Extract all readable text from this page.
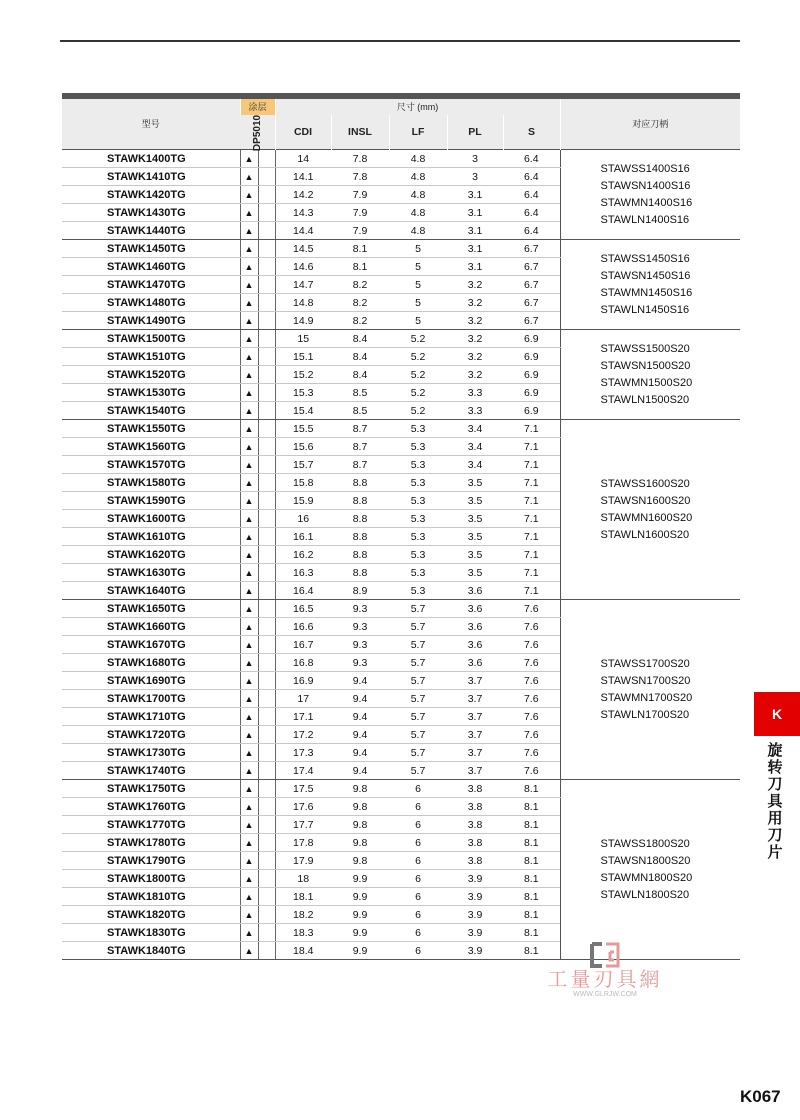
型号	涂层		尺寸 (mm)					对应刀柄
	DP5010		CDI	INSL	LF	PL	S	
STAWK1400TG	▲		14	7.8	4.8	3	6.4	STAWSS1400S16
STAWSN1400S16
STAWMN1400S16
STAWLN1400S16

STAWK1410TG	▲		14.1	7.8	4.8	3	6.4	
STAWK1420TG	▲		14.2	7.9	4.8	3.1	6.4	
STAWK1430TG	▲		14.3	7.9	4.8	3.1	6.4	
STAWK1440TG	▲		14.4	7.9	4.8	3.1	6.4	
STAWK1450TG	▲		14.5	8.1	5	3.1	6.7	STAWSS1450S16
STAWSN1450S16
STAWMN1450S16
STAWLN1450S16

STAWK1460TG	▲		14.6	8.1	5	3.1	6.7	
STAWK1470TG	▲		14.7	8.2	5	3.2	6.7	
STAWK1480TG	▲		14.8	8.2	5	3.2	6.7	
STAWK1490TG	▲		14.9	8.2	5	3.2	6.7	
STAWK1500TG	▲		15	8.4	5.2	3.2	6.9	STAWSS1500S20
STAWSN1500S20
STAWMN1500S20
STAWLN1500S20

STAWK1510TG	▲		15.1	8.4	5.2	3.2	6.9	
STAWK1520TG	▲		15.2	8.4	5.2	3.2	6.9	
STAWK1530TG	▲		15.3	8.5	5.2	3.3	6.9	
STAWK1540TG	▲		15.4	8.5	5.2	3.3	6.9	
STAWK1550TG	▲		15.5	8.7	5.3	3.4	7.1	STAWSS1600S20
STAWSN1600S20
STAWMN1600S20
STAWLN1600S20

STAWK1560TG	▲		15.6	8.7	5.3	3.4	7.1	
STAWK1570TG	▲		15.7	8.7	5.3	3.4	7.1	
STAWK1580TG	▲		15.8	8.8	5.3	3.5	7.1	
STAWK1590TG	▲		15.9	8.8	5.3	3.5	7.1	
STAWK1600TG	▲		16	8.8	5.3	3.5	7.1	
STAWK1610TG	▲		16.1	8.8	5.3	3.5	7.1	
STAWK1620TG	▲		16.2	8.8	5.3	3.5	7.1	
STAWK1630TG	▲		16.3	8.8	5.3	3.5	7.1	
STAWK1640TG	▲		16.4	8.9	5.3	3.6	7.1	
STAWK1650TG	▲		16.5	9.3	5.7	3.6	7.6	STAWSS1700S20
STAWSN1700S20
STAWMN1700S20
STAWLN1700S20

STAWK1660TG	▲		16.6	9.3	5.7	3.6	7.6	
STAWK1670TG	▲		16.7	9.3	5.7	3.6	7.6	
STAWK1680TG	▲		16.8	9.3	5.7	3.6	7.6	
STAWK1690TG	▲		16.9	9.4	5.7	3.7	7.6	
STAWK1700TG	▲		17	9.4	5.7	3.7	7.6	
STAWK1710TG	▲		17.1	9.4	5.7	3.7	7.6	
STAWK1720TG	▲		17.2	9.4	5.7	3.7	7.6	
STAWK1730TG	▲		17.3	9.4	5.7	3.7	7.6	
STAWK1740TG	▲		17.4	9.4	5.7	3.7	7.6	
STAWK1750TG	▲		17.5	9.8	6	3.8	8.1	STAWSS1800S20
STAWSN1800S20
STAWMN1800S20
STAWLN1800S20

STAWK1760TG	▲		17.6	9.8	6	3.8	8.1	
STAWK1770TG	▲		17.7	9.8	6	3.8	8.1	
STAWK1780TG	▲		17.8	9.8	6	3.8	8.1	
STAWK1790TG	▲		17.9	9.8	6	3.8	8.1	
STAWK1800TG	▲		18	9.9	6	3.9	8.1	
STAWK1810TG	▲		18.1	9.9	6	3.9	8.1	
STAWK1820TG	▲		18.2	9.9	6	3.9	8.1	
STAWK1830TG	▲		18.3	9.9	6	3.9	8.1	
STAWK1840TG	▲		18.4	9.9	6	3.9	8.1	
K
旋转刀具用刀片
工量刃具網
WWW.GLRJW.COM
K067
